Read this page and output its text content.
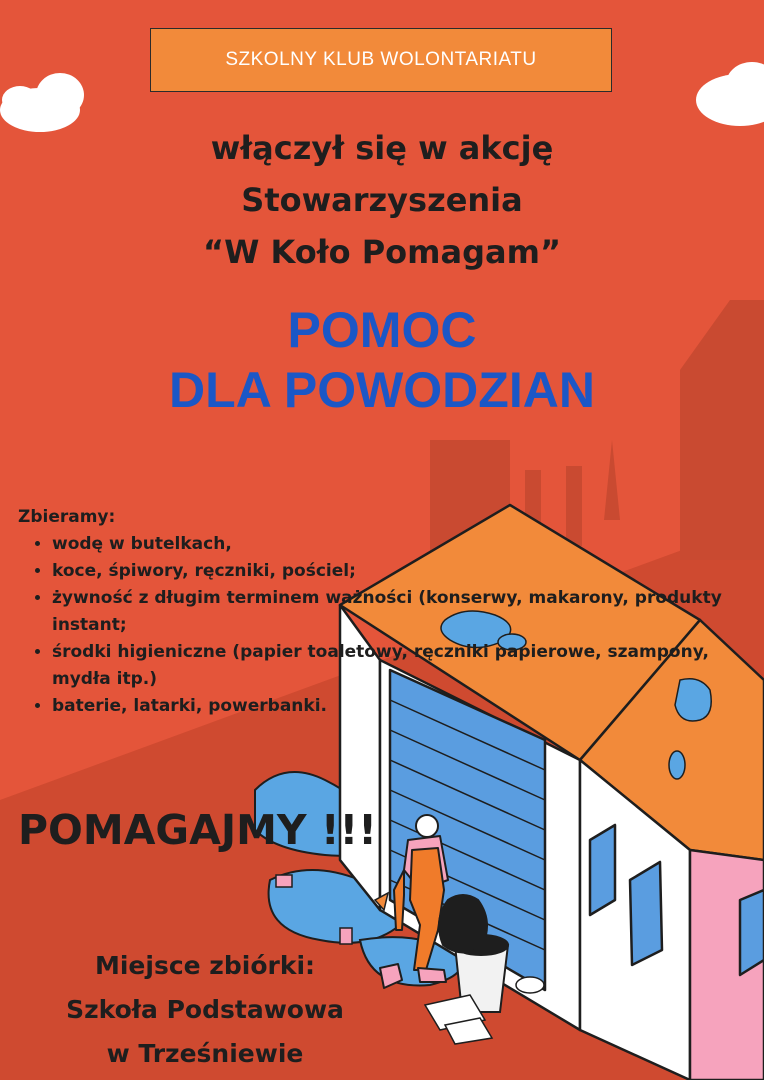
SZKOLNY KLUB WOLONTARIATU
włączył się w akcję
Stowarzyszenia
“W Koło Pomagam”
POMOC
DLA POWODZIAN
Zbieramy:
• wodę w butelkach,
• koce, śpiwory, ręczniki, pościel;
• żywność z długim terminem ważności (konserwy, makarony, produkty instant;
• środki higieniczne (papier toaletowy, ręczniki papierowe, szampony, mydła itp.)
• baterie, latarki, powerbanki.
POMAGAJMY !!!
Miejsce zbiórki:
Szkoła Podstawowa
w Trześniewie
